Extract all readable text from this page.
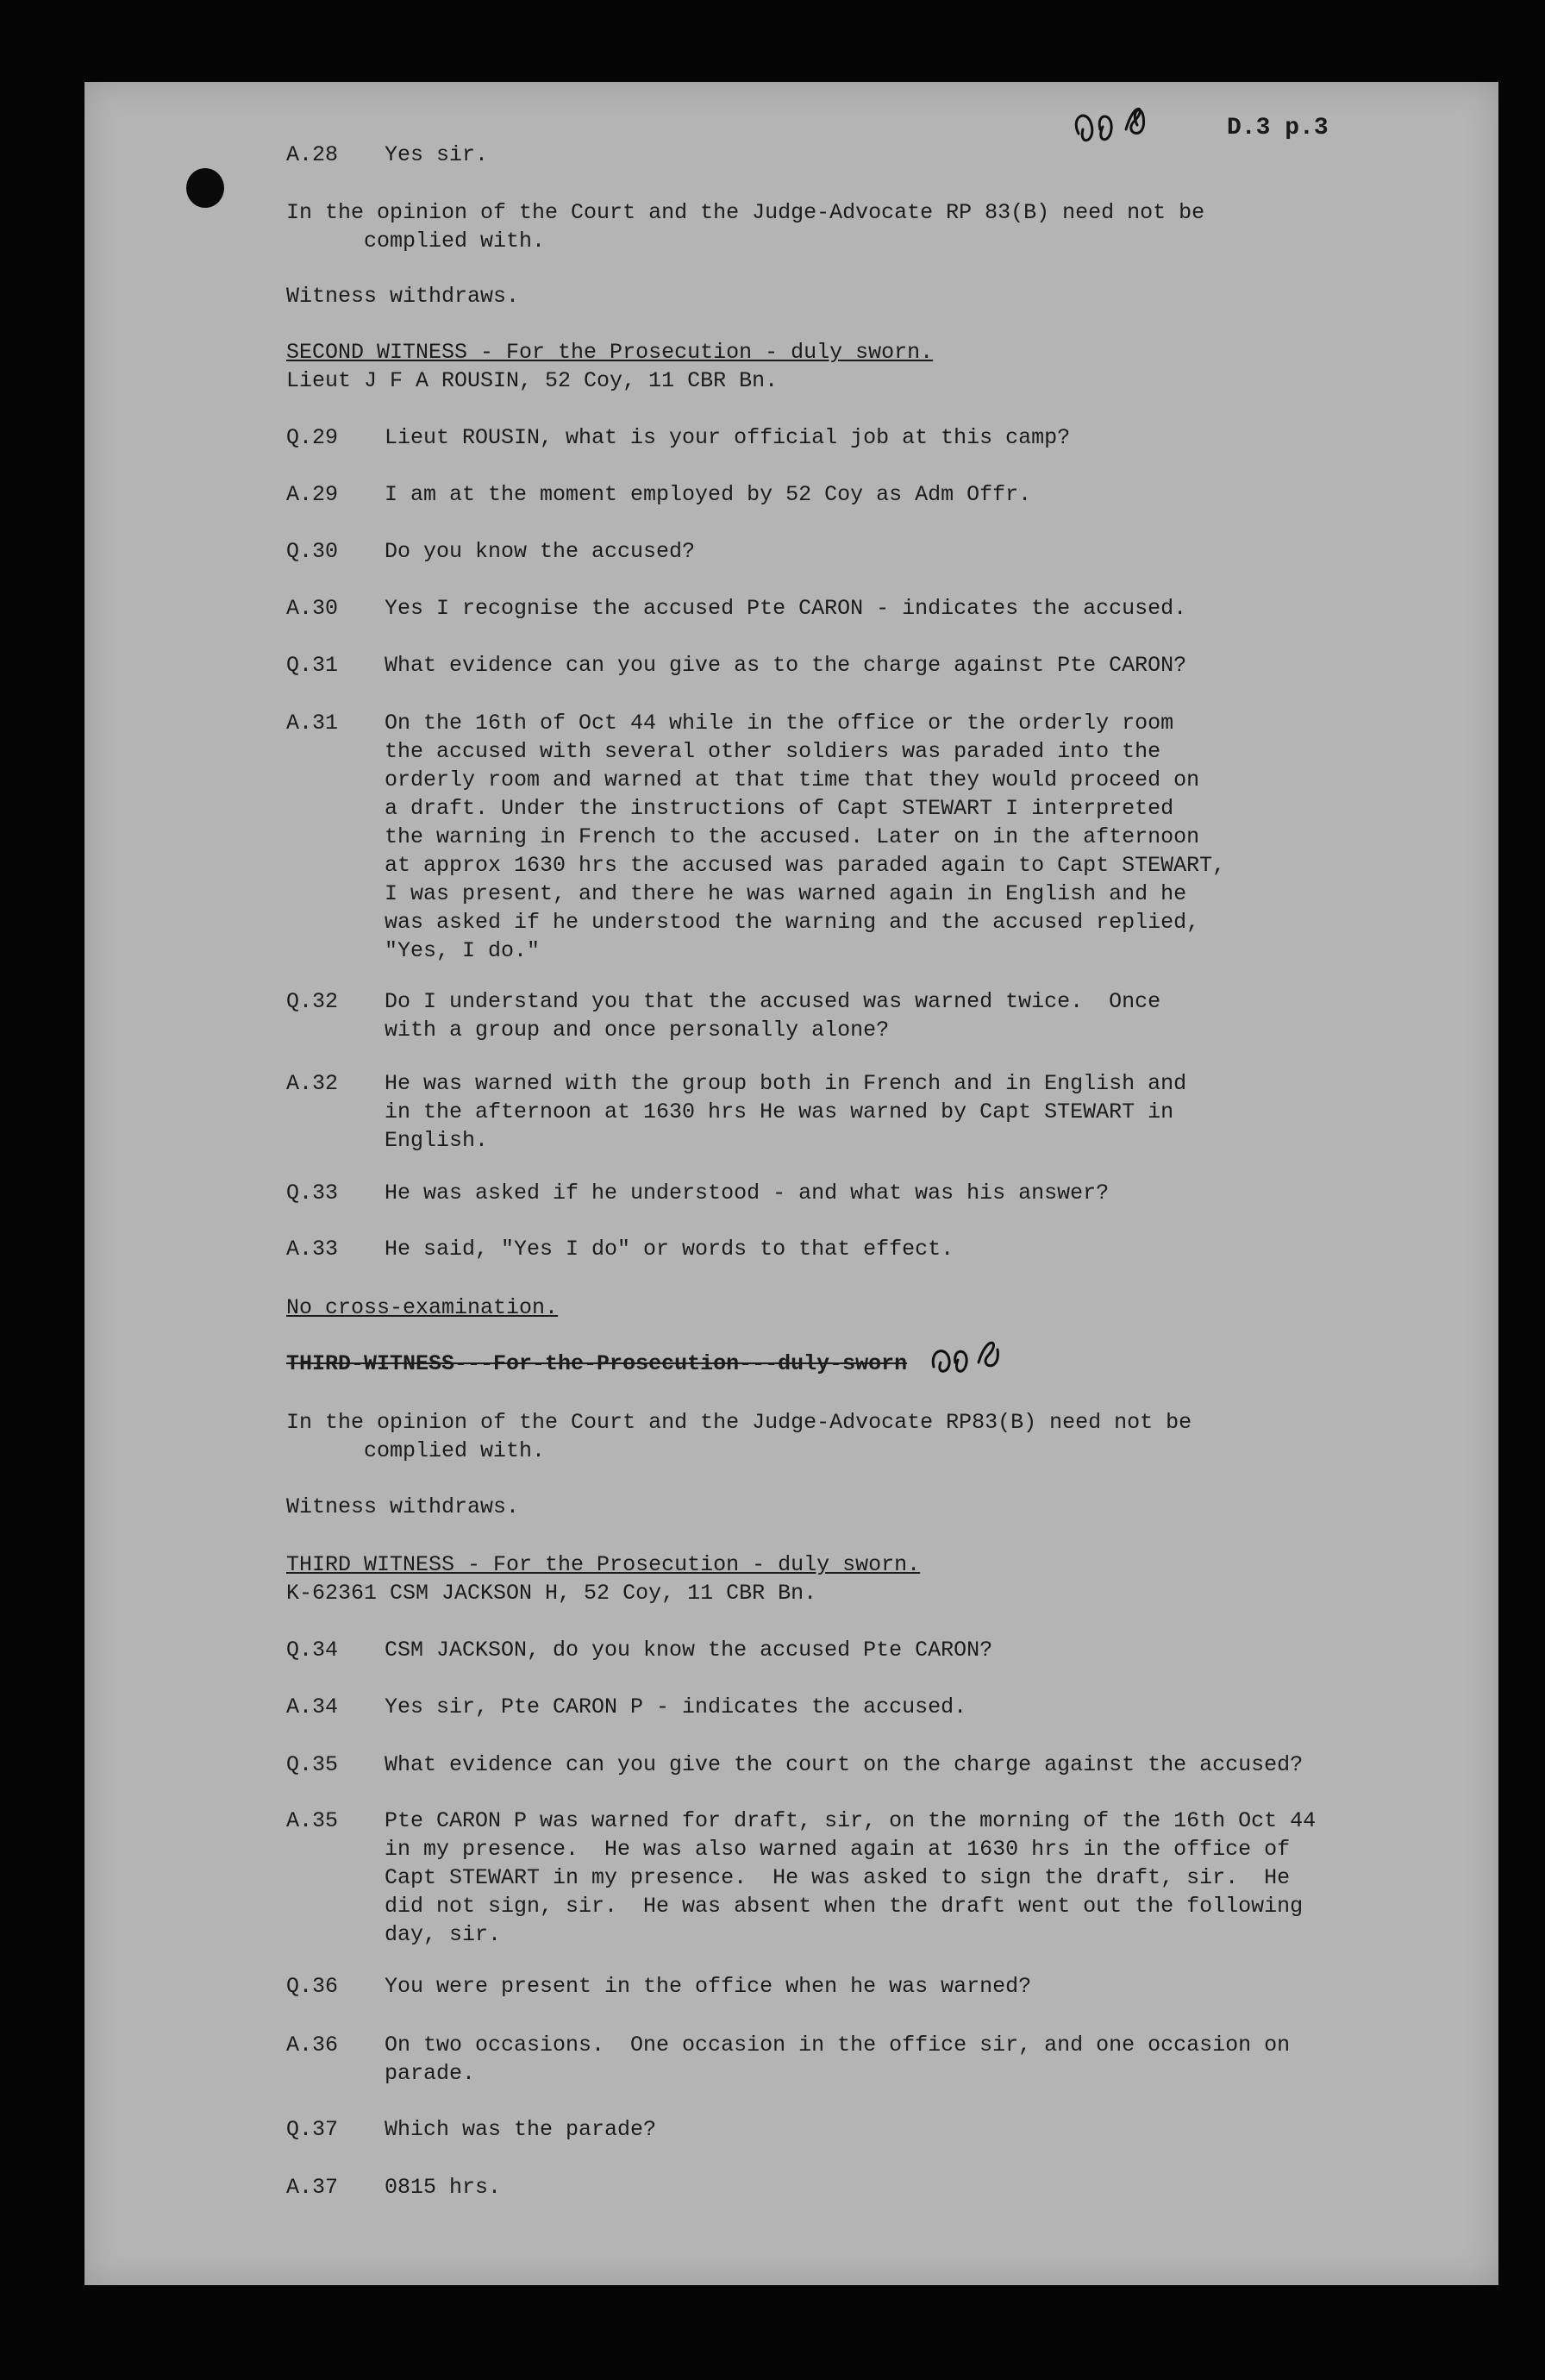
D.3 p.3
A.28 Yes sir.
In the opinion of the Court and the Judge-Advocate RP 83(B) need not be
complied with.
Witness withdraws.
SECOND WITNESS - For the Prosecution - duly sworn.
Lieut J F A ROUSIN, 52 Coy, 11 CBR Bn.
Q.29 Lieut ROUSIN, what is your official job at this camp?
A.29 I am at the moment employed by 52 Coy as Adm Offr.
Q.30 Do you know the accused?
A.30 Yes I recognise the accused Pte CARON - indicates the accused.
Q.31 What evidence can you give as to the charge against Pte CARON?
A.31 On the 16th of Oct 44 while in the office or the orderly room
the accused with several other soldiers was paraded into the
orderly room and warned at that time that they would proceed on
a draft. Under the instructions of Capt STEWART I interpreted
the warning in French to the accused. Later on in the afternoon
at approx 1630 hrs the accused was paraded again to Capt STEWART,
I was present, and there he was warned again in English and he
was asked if he understood the warning and the accused replied,
"Yes, I do."
Q.32 Do I understand you that the accused was warned twice.  Once
with a group and once personally alone?
A.32 He was warned with the group both in French and in English and
in the afternoon at 1630 hrs He was warned by Capt STEWART in
English.
Q.33 He was asked if he understood - and what was his answer?
A.33 He said, "Yes I do" or words to that effect.
No cross-examination.
THIRD-WITNESS---For-the-Prosecution---duly-sworn
In the opinion of the Court and the Judge-Advocate RP83(B) need not be
complied with.
Witness withdraws.
THIRD WITNESS - For the Prosecution - duly sworn.
K-62361 CSM JACKSON H, 52 Coy, 11 CBR Bn.
Q.34 CSM JACKSON, do you know the accused Pte CARON?
A.34 Yes sir, Pte CARON P - indicates the accused.
Q.35 What evidence can you give the court on the charge against the accused?
A.35 Pte CARON P was warned for draft, sir, on the morning of the 16th Oct 44
in my presence.  He was also warned again at 1630 hrs in the office of
Capt STEWART in my presence.  He was asked to sign the draft, sir.  He
did not sign, sir.  He was absent when the draft went out the following
day, sir.
Q.36 You were present in the office when he was warned?
A.36 On two occasions.  One occasion in the office sir, and one occasion on
parade.
Q.37 Which was the parade?
A.37 0815 hrs.
